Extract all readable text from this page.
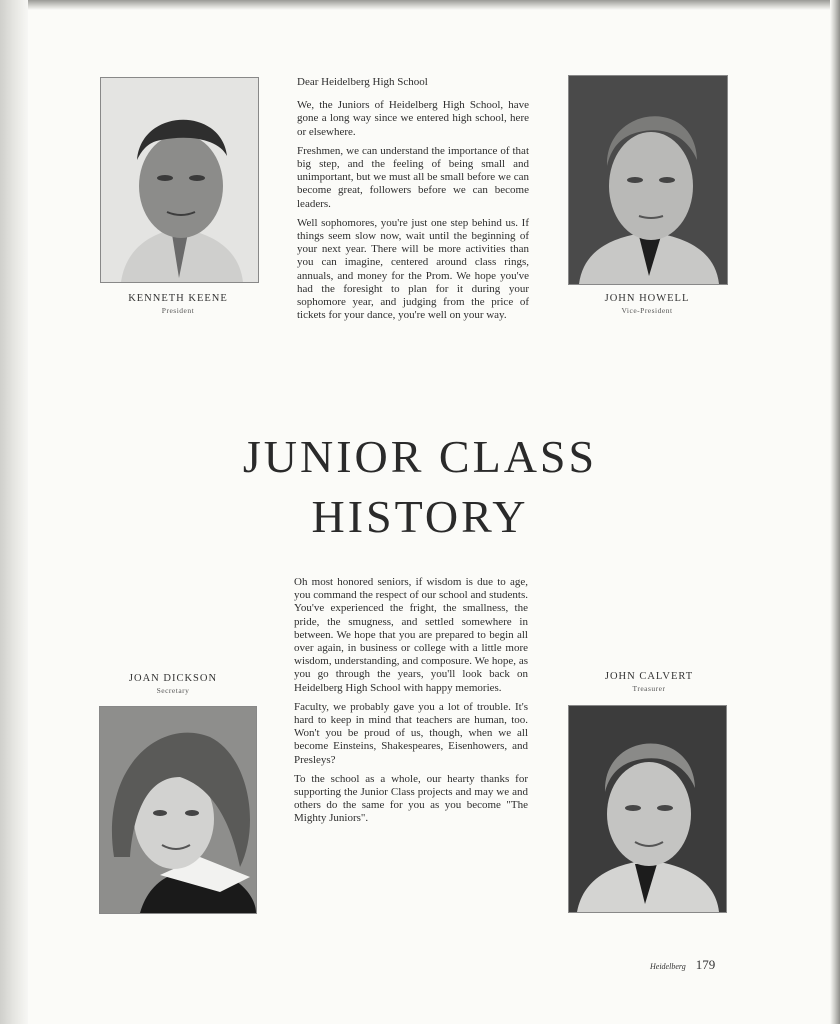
KENNETH KEENE
President
JOHN HOWELL
Vice-President

Dear Heidelberg High School

We, the Juniors of Heidelberg High School, have gone a long way since we entered high school, here or elsewhere.

Freshmen, we can understand the importance of that big step, and the feeling of being small and unimportant, but we must all be small before we can become great, followers before we can become leaders.

Well sophomores, you're just one step behind us. If things seem slow now, wait until the beginning of your next year. There will be more activities than you can imagine, centered around class rings, annuals, and money for the Prom. We hope you've had the foresight to plan for it during your sophomore year, and judging from the price of tickets for your dance, you're well on your way.

JUNIOR CLASS
HISTORY
JOAN DICKSON
Secretary

Oh most honored seniors, if wisdom is due to age, you command the respect of our school and students. You've experienced the fright, the smallness, the pride, the smugness, and settled somewhere in between. We hope that you are prepared to begin all over again, in business or college with a little more wisdom, understanding, and composure. We hope, as you go through the years, you'll look back on Heidelberg High School with happy memories.

Faculty, we probably gave you a lot of trouble. It's hard to keep in mind that teachers are human, too. Won't you be proud of us, though, when we all become Einsteins, Shakespeares, Eisenhowers, and Presleys?

To the school as a whole, our hearty thanks for supporting the Junior Class projects and may we and others do the same for you as you become "The Mighty Juniors".

JOHN CALVERT
Treasurer
Heidelberg 179
